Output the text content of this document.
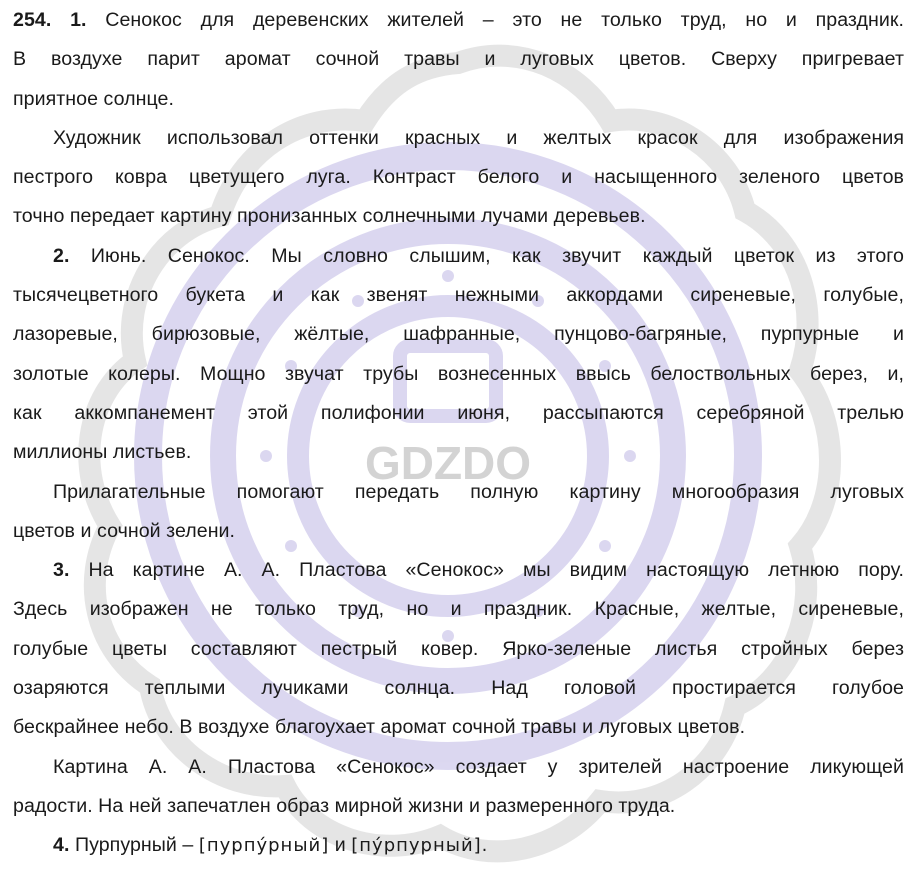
GDZDO
254. 1. Сенокос для деревенских жителей – это не только труд, но и праздник.
В воздухе парит аромат сочной травы и луговых цветов. Сверху пригревает
приятное солнце.
Художник использовал оттенки красных и желтых красок для изображения
пестрого ковра цветущего луга. Контраст белого и насыщенного зеленого цветов
точно передает картину пронизанных солнечными лучами деревьев.
2. Июнь. Сенокос. Мы словно слышим, как звучит каждый цветок из этого
тысячецветного букета и как звенят нежными аккордами сиреневые, голубые,
лазоревые, бирюзовые, жёлтые, шафранные, пунцово-багряные, пурпурные и
золотые колеры. Мощно звучат трубы вознесенных ввысь белоствольных берез, и,
как аккомпанемент этой полифонии июня, рассыпаются серебряной трелью
миллионы листьев.
Прилагательные помогают передать полную картину многообразия луговых
цветов и сочной зелени.
3. На картине А. А. Пластова «Сенокос» мы видим настоящую летнюю пору.
Здесь изображен не только труд, но и праздник. Красные, желтые, сиреневые,
голубые цветы составляют пестрый ковер. Ярко-зеленые листья стройных берез
озаряются теплыми лучиками солнца. Над головой простирается голубое
бескрайнее небо. В воздухе благоухает аромат сочной травы и луговых цветов.
Картина А. А. Пластова «Сенокос» создает у зрителей настроение ликующей
радости. На ней запечатлен образ мирной жизни и размеренного труда.
4. Пурпурный – [пурпу́рный] и [пу́рпурный].
